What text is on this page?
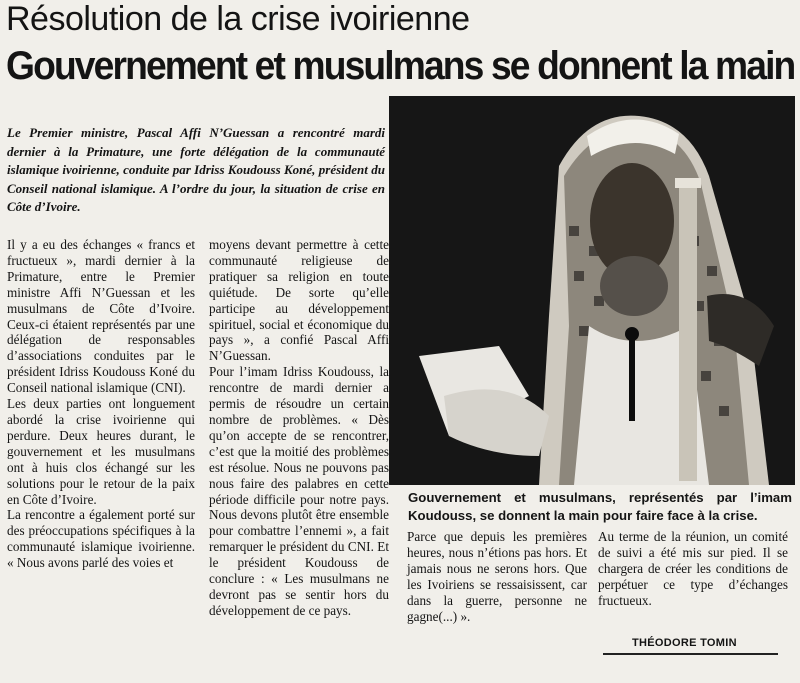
Résolution de la crise ivoirienne
Gouvernement et musulmans se donnent la main
Le Premier ministre, Pascal Affi N’Guessan a rencontré mardi dernier à la Primature, une forte délégation de la communauté islamique ivoirienne, conduite par Idriss Koudouss Koné, président du Conseil national islamique. A l’ordre du jour, la situation de crise en Côte d’Ivoire.
Gouvernement et musulmans, représentés par l’imam Koudouss, se donnent la main pour faire face à la crise.

Il y a eu des échanges « francs et fructueux », mardi dernier à la Primature, entre le Premier ministre Affi N’Guessan et les musulmans de Côte d’Ivoire. Ceux-ci étaient représentés par une délégation de responsables d’associations conduites par le président Idriss Koudouss Koné du Conseil national islamique (CNI).

Les deux parties ont longuement abordé la crise ivoirienne qui perdure. Deux heures durant, le gouvernement et les musulmans ont à huis clos échangé sur les solutions pour le retour de la paix en Côte d’Ivoire.

La rencontre a également porté sur des préoccupations spécifiques à la communauté islamique ivoirienne. « Nous avons parlé des voies et

moyens devant permettre à cette communauté religieuse de pratiquer sa religion en toute quiétude. De sorte qu’elle participe au développement spirituel, social et économique du pays », a confié Pascal Affi N’Guessan.

Pour l’imam Idriss Koudouss, la rencontre de mardi dernier a permis de résoudre un certain nombre de problèmes. « Dès qu’on accepte de se rencontrer, c’est que la moitié des problèmes est résolue. Nous ne pouvons pas nous faire des palabres en cette période difficile pour notre pays. Nous devons plutôt être ensemble pour combattre l’ennemi », a fait remarquer le président du CNI. Et le président Koudouss de conclure : « Les musulmans ne devront pas se sentir hors du développement de ce pays.

Parce que depuis les premières heures, nous n’étions pas hors. Et jamais nous ne serons hors. Que les Ivoiriens se ressaisissent, car dans la guerre, personne ne gagne(...) ».

Au terme de la réunion, un comité de suivi a été mis sur pied. Il se chargera de créer les conditions de perpétuer ce type d’échanges fructueux.

THÉODORE TOMIN
